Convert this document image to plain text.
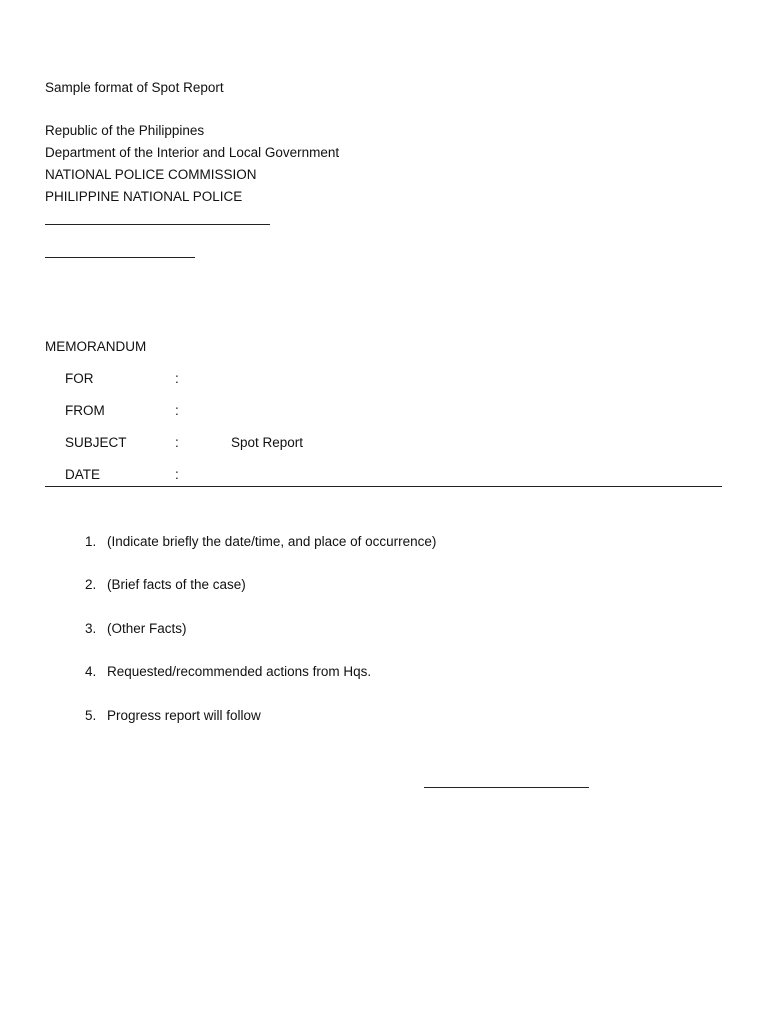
Sample format of Spot Report
Republic of the Philippines
Department of the Interior and Local Government
NATIONAL POLICE COMMISSION
PHILIPPINE NATIONAL POLICE
MEMORANDUM
FOR	:
FROM	:
SUBJECT	:	Spot Report
DATE	:
1. (Indicate briefly the date/time, and place of occurrence)
2. (Brief facts of the case)
3. (Other Facts)
4. Requested/recommended actions from Hqs.
5. Progress report will follow
